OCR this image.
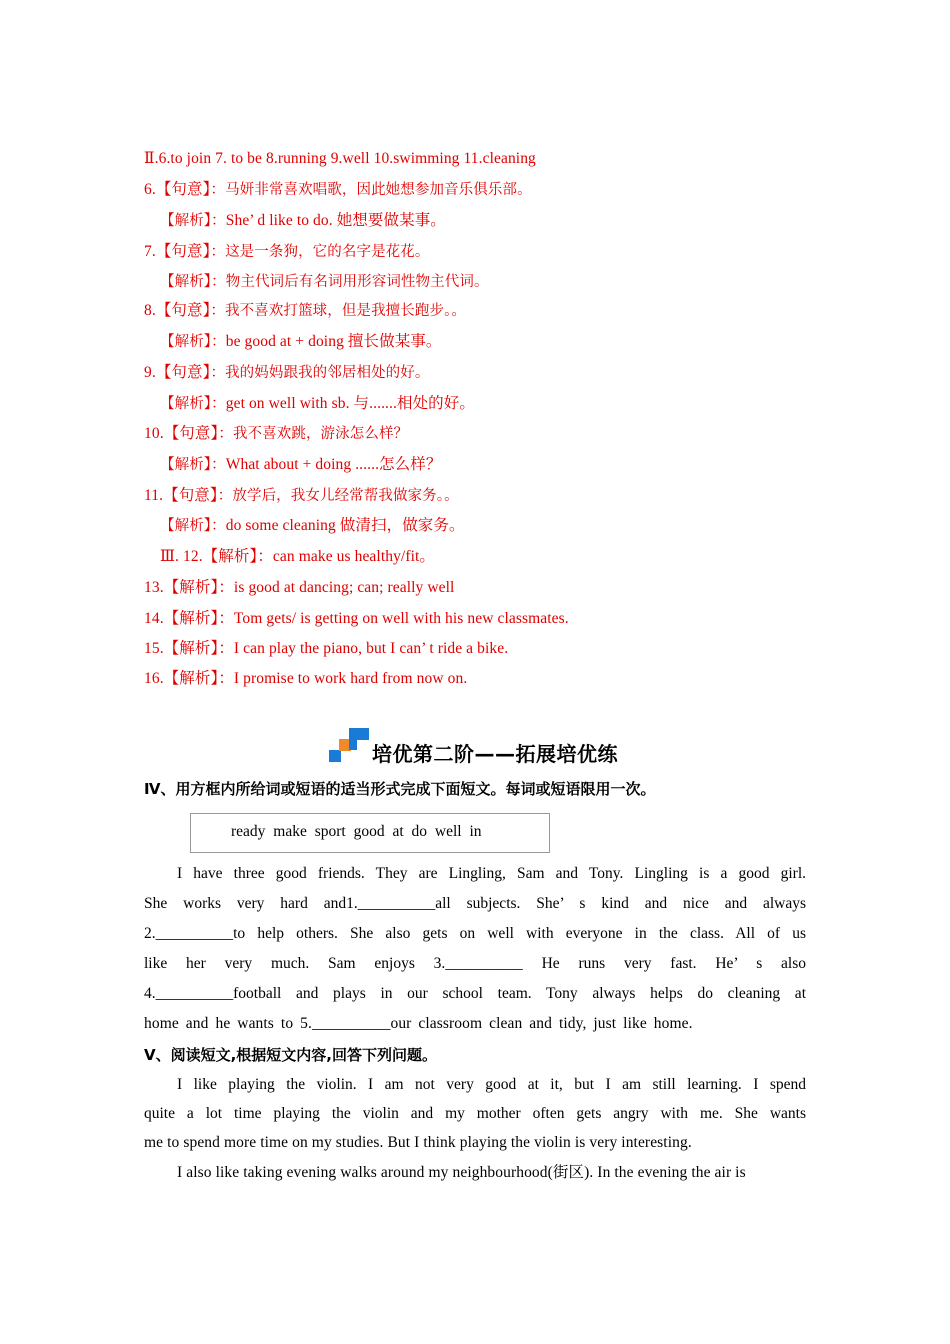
Ⅱ.6.to join 7. to be 8.running 9.well 10.swimming 11.cleaning
6.【句意】：马妍非常喜欢唱歌，因此她想参加音乐俱乐部。
【解析】：She’ d like to do. 她想要做某事。
7.【句意】：这是一条狗，它的名字是花花。
【解析】：物主代词后有名词用形容词性物主代词。
8.【句意】：我不喜欢打篮球，但是我擅长跑步。。
【解析】：be good at + doing 擅长做某事。
9.【句意】：我的妈妈跟我的邻居相处的好。
【解析】：get on well with sb. 与.......相处的好。
10.【句意】：我不喜欢跳，游泳怎么样？
【解析】：What about + doing ......怎么样？
11.【句意】：放学后，我女儿经常帮我做家务。。
【解析】：do some cleaning 做清扫，做家务。
Ⅲ. 12.【解析】：can make us healthy/fit。
13.【解析】：is good at dancing; can; really well
14.【解析】：Tom gets/ is getting on well with his new classmates.
15.【解析】：I can play the piano, but I can’ t ride a bike.
16.【解析】：I promise to work hard from now on.
培优第二阶——拓展培优练
Ⅳ、用方框内所给词或短语的适当形式完成下面短文。每词或短语限用一次。
ready make sport good at do well in
I have three good friends. They are Lingling, Sam and Tony. Lingling is a good girl.
She works very hard and1.__________all subjects. She’ s kind and nice and always
2.__________to help others. She also gets on well with everyone in the class. All of us
like her very much. Sam enjoys 3.__________ He runs very fast. He’ s also
4.__________football and plays in our school team. Tony always helps do cleaning at
home and he wants to 5.__________our classroom clean and tidy, just like home.
Ⅴ、阅读短文,根据短文内容,回答下列问题。
I like playing the violin. I am not very good at it, but I am still learning. I spend
quite a lot time playing the violin and my mother often gets angry with me. She wants
me to spend more time on my studies. But I think playing the violin is very interesting.
I also like taking evening walks around my neighbourhood(街区). In the evening the air is
